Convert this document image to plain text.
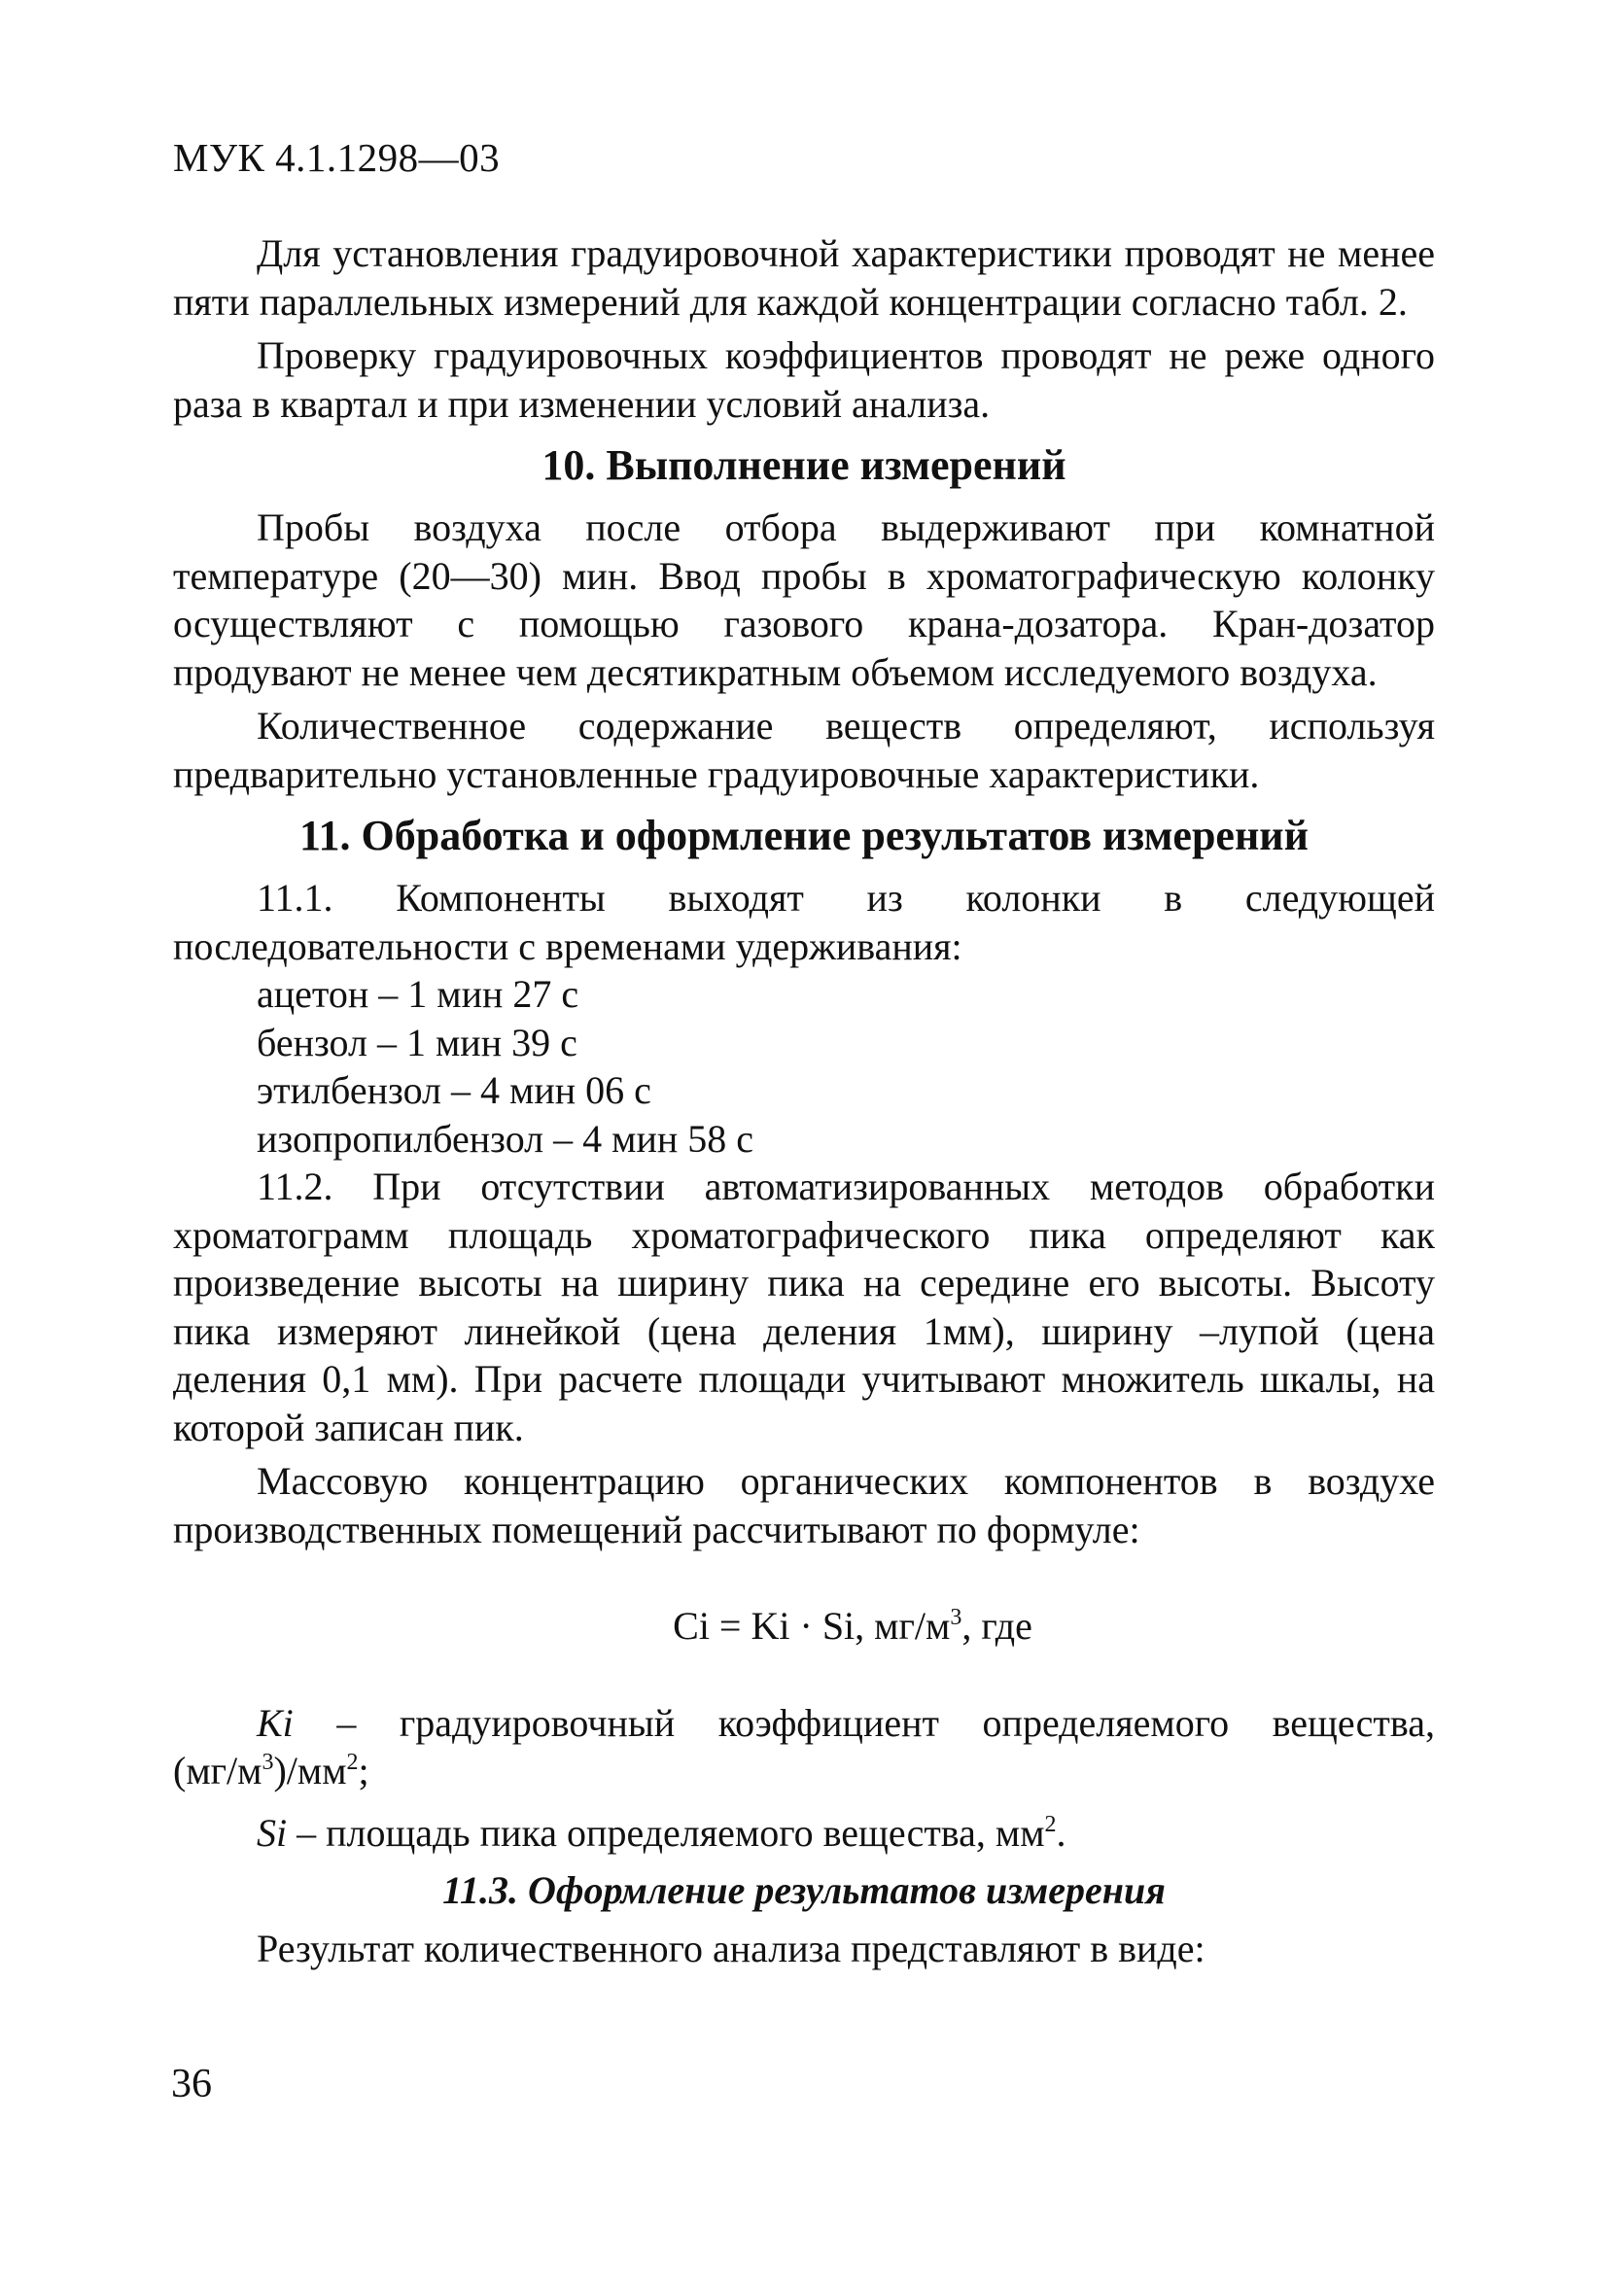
МУК 4.1.1298—03

Для установления градуировочной характеристики проводят не менее пяти параллельных измерений для каждой концентрации согласно табл. 2.

Проверку градуировочных коэффициентов проводят не реже одного раза в квартал и при изменении условий анализа.

10. Выполнение измерений

Пробы воздуха после отбора выдерживают при комнатной температуре (20—30) мин. Ввод пробы в хроматографическую колонку осуществляют с помощью газового крана-дозатора. Кран-дозатор продувают не менее чем десятикратным объемом исследуемого воздуха.

Количественное содержание веществ определяют, используя предварительно установленные градуировочные характеристики.

11. Обработка и оформление результатов измерений

11.1. Компоненты выходят из колонки в следующей последовательности с временами удерживания:

ацетон – 1 мин 27 с
бензол – 1 мин 39 с
этилбензол – 4 мин 06 с
изопропилбензол – 4 мин 58 с

11.2. При отсутствии автоматизированных методов обработки хроматограмм площадь хроматографического пика определяют как произведение высоты на ширину пика на середине его высоты. Высоту пика измеряют линейкой (цена деления 1мм), ширину –лупой (цена деления 0,1 мм). При расчете площади учитывают множитель шкалы, на которой записан пик.

Массовую концентрацию органических компонентов в воздухе производственных помещений рассчитывают по формуле:

Ci = Ki · Si, $мг/м^3$, где
Ki – градуировочный коэффициент определяемого вещества,
$(мг/м^3)/мм^2$;
Si – площадь пика определяемого вещества, $мм^2$.
11.3. Оформление результатов измерения

Результат количественного анализа представляют в виде:

36
